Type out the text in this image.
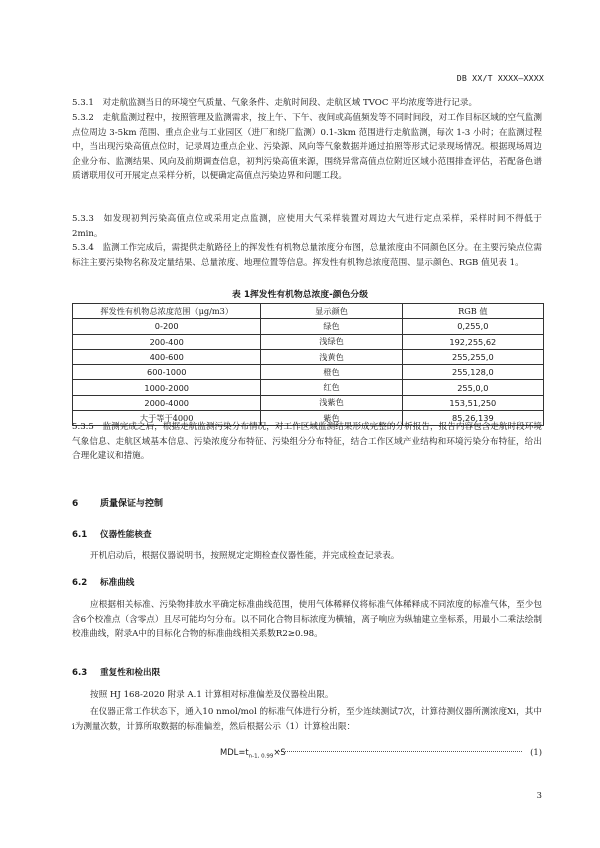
DB XX/T XXXX—XXXX
5.3.1　对走航监测当日的环境空气质量、气象条件、走航时间段、走航区域 TVOC 平均浓度等进行记录。
5.3.2　走航监测过程中，按照管理及监测需求，按上午、下午、夜间或高值频发等不同时间段，对工作目标区域的空气监测点位周边 3-5km 范围、重点企业与工业园区（进厂和绕厂监测）0.1-3km 范围进行走航监测，每次 1-3 小时；在监测过程中，当出现污染高值点位时，记录周边重点企业、污染源、风向等气象数据并通过拍照等形式记录现场情况。根据现场周边企业分布、监测结果、风向及前期调查信息，初判污染高值来源，围绕异常高值点位附近区域小范围排查评估，若配备色谱质谱联用仪可开展定点采样分析，以便确定高值点污染边界和问题工段。
5.3.3　如发现初判污染高值点位或采用定点监测，应使用大气采样装置对周边大气进行定点采样，采样时间不得低于 2min。
5.3.4　监测工作完成后，需提供走航路径上的挥发性有机物总量浓度分布图，总量浓度由不同颜色区分。在主要污染点位需标注主要污染物名称及定量结果、总量浓度、地理位置等信息。挥发性有机物总浓度范围、显示颜色、RGB 值见表 1。
表 1挥发性有机物总浓度-颜色分级
挥发性有机物总浓度范围（μg/m3）	显示颜色	RGB 值
0-200	绿色	0,255,0
200-400	浅绿色	192,255,62
400-600	浅黄色	255,255,0
600-1000	橙色	255,128,0
1000-2000	红色	255,0,0
2000-4000	浅紫色	153,51,250
大于等于4000	紫色	85,26,139
5.3.5　监测完成之后，根据走航监测污染分布情况，对工作区域监测结果形成完整的分析报告，报告内容包含走航时段环境气象信息、走航区域基本信息、污染浓度分布特征、污染组分分布特征，结合工作区域产业结构和环境污染分布特征，给出合理化建议和措施。
6 质量保证与控制
6.1 仪器性能核查
开机启动后，根据仪器说明书，按照规定定期检查仪器性能，并完成检查记录表。
6.2 标准曲线
应根据相关标准、污染物排放水平确定标准曲线范围，使用气体稀释仪将标准气体稀释成不同浓度的标准气体，至少包含6个校准点（含零点）且尽可能均匀分布。以不同化合物目标浓度为横轴，离子响应为纵轴建立坐标系，用最小二乘法绘制校准曲线，附录A中的目标化合物的标准曲线相关系数R2≥0.98。
6.3 重复性和检出限
按照 HJ 168-2020 附录 A.1 计算相对标准偏差及仪器检出限。
在仪器正常工作状态下，通入10 nmol/mol 的标准气体进行分析，至少连续测试7次，计算待测仪器所测浓度Xi，其中i为测量次数，计算所取数据的标准偏差，然后根据公示（1）计算检出限：
$MDL=t_{n-1, 0.99}\times S$	(1)
3
